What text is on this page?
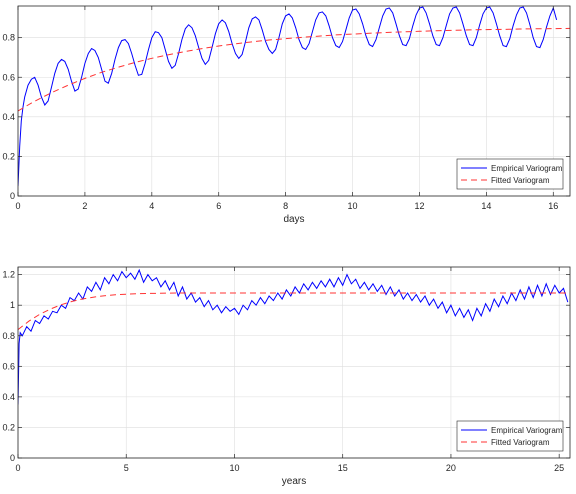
0	2	4	6	8	10	12	14	16
0
0.2
0.4
0.6
0.8
days
Empirical Variogram
Fitted Variogram
0	5	10	15	20	25
0
0.2
0.4
0.6
0.8
1
1.2
years
Empirical Variogram
Fitted Variogram
